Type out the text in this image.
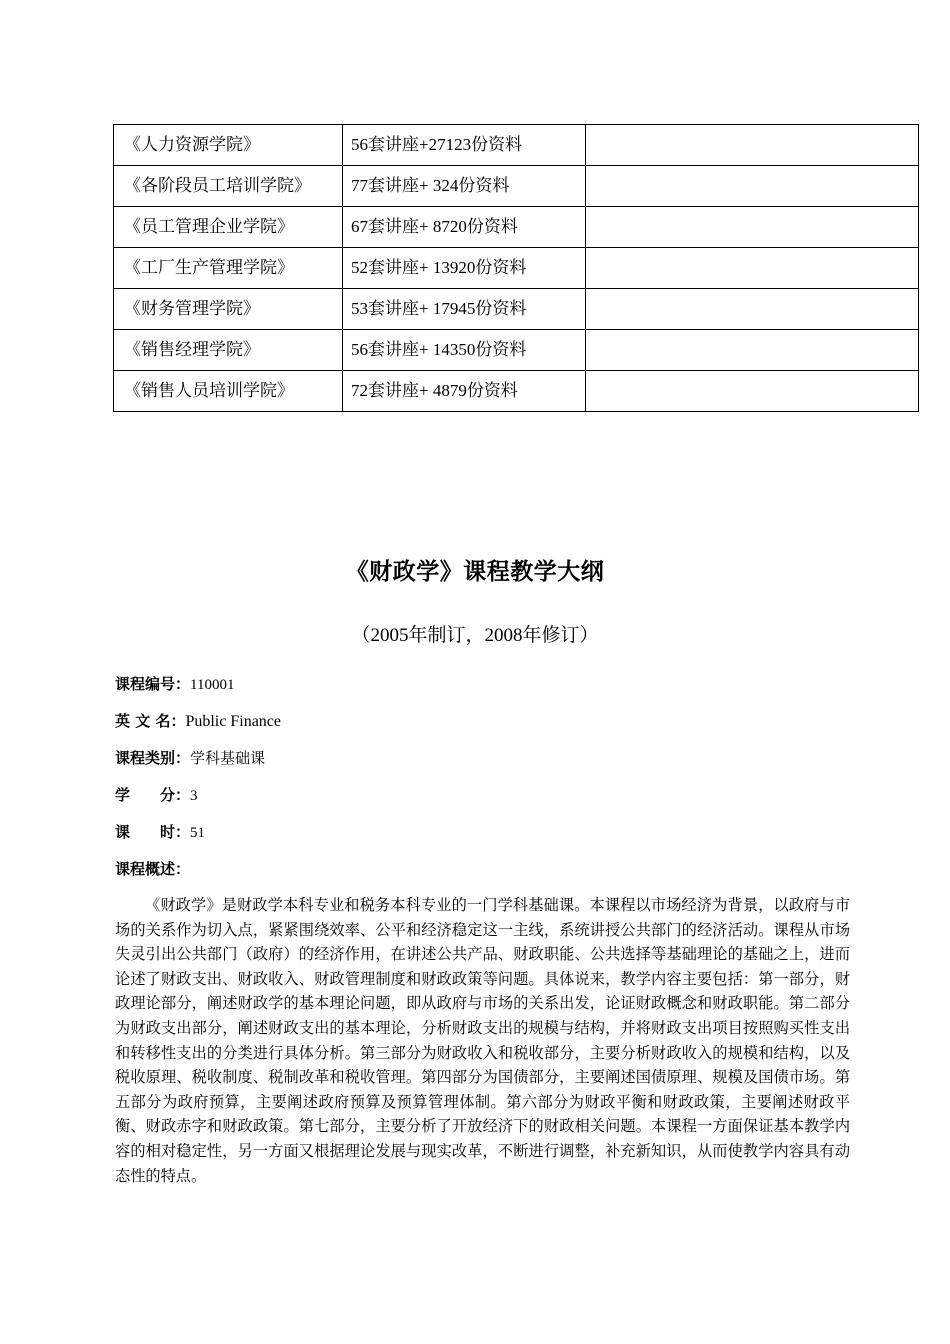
《人力资源学院》	56套讲座+27123份资料	

《各阶段员工培训学院》	77套讲座+ 324份资料	

《员工管理企业学院》	67套讲座+ 8720份资料	

《工厂生产管理学院》	52套讲座+ 13920份资料	

《财务管理学院》	53套讲座+ 17945份资料	

《销售经理学院》	56套讲座+ 14350份资料	

《销售人员培训学院》	72套讲座+ 4879份资料	

《财政学》课程教学大纲
（2005年制订，2008年修订）
课程编号：110001
英 文 名：Public Finance
课程类别：学科基础课
学　　分：3
课　　时：51
课程概述：

《财政学》是财政学本科专业和税务本科专业的一门学科基础课。本课程以市场经济为背景，以政府与市场的关系作为切入点，紧紧围绕效率、公平和经济稳定这一主线，系统讲授公共部门的经济活动。课程从市场失灵引出公共部门（政府）的经济作用，在讲述公共产品、财政职能、公共选择等基础理论的基础之上，进而论述了财政支出、财政收入、财政管理制度和财政政策等问题。具体说来，教学内容主要包括：第一部分，财政理论部分，阐述财政学的基本理论问题，即从政府与市场的关系出发，论证财政概念和财政职能。第二部分为财政支出部分，阐述财政支出的基本理论，分析财政支出的规模与结构，并将财政支出项目按照购买性支出和转移性支出的分类进行具体分析。第三部分为财政收入和税收部分，主要分析财政收入的规模和结构，以及税收原理、税收制度、税制改革和税收管理。第四部分为国债部分，主要阐述国债原理、规模及国债市场。第五部分为政府预算，主要阐述政府预算及预算管理体制。第六部分为财政平衡和财政政策，主要阐述财政平衡、财政赤字和财政政策。第七部分，主要分析了开放经济下的财政相关问题。本课程一方面保证基本教学内容的相对稳定性，另一方面又根据理论发展与现实改革，不断进行调整，补充新知识，从而使教学内容具有动态性的特点。
